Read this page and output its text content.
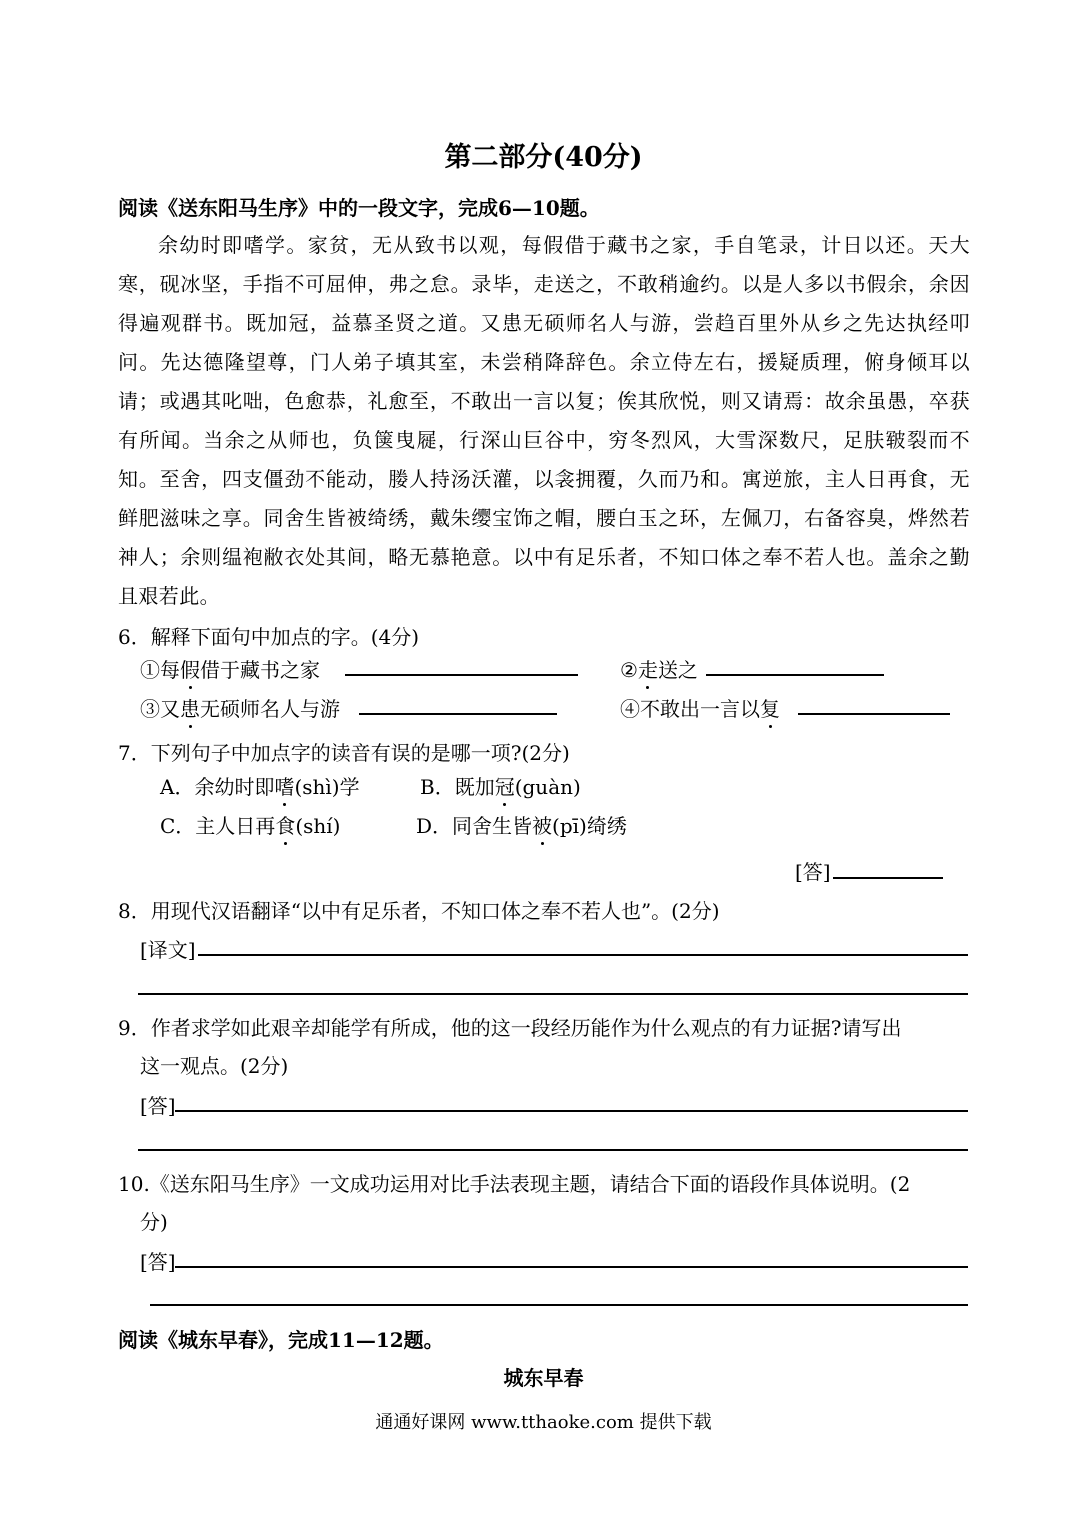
第二部分(40分)
阅读《送东阳马生序》中的一段文字，完成6—10题。

余幼时即嗜学。家贫，无从致书以观，每假借于藏书之家，手自笔录，计日以还。天大寒，砚冰坚，手指不可屈伸，弗之怠。录毕，走送之，不敢稍逾约。以是人多以书假余，余因得遍观群书。既加冠，益慕圣贤之道。又患无硕师名人与游，尝趋百里外从乡之先达执经叩问。先达德隆望尊，门人弟子填其室，未尝稍降辞色。余立侍左右，援疑质理，俯身倾耳以请；或遇其叱咄，色愈恭，礼愈至，不敢出一言以复；俟其欣悦，则又请焉：故余虽愚，卒获有所闻。当余之从师也，负箧曳屣，行深山巨谷中，穷冬烈风，大雪深数尺，足肤皲裂而不知。至舍，四支僵劲不能动，媵人持汤沃灌，以衾拥覆，久而乃和。寓逆旅，主人日再食，无鲜肥滋味之享。同舍生皆被绮绣，戴朱缨宝饰之帽，腰白玉之环，左佩刀，右备容臭，烨然若神人；余则缊袍敝衣处其间，略无慕艳意。以中有足乐者，不知口体之奉不若人也。盖余之勤且艰若此。

6．解释下面句中加点的字。(4分)
①每假借于藏书之家	②走送之
③又患无硕师名人与游	④不敢出一言以复
7．下列句子中加点字的读音有误的是哪一项?(2分)
A．余幼时即嗜(shì)学	B．既加冠(guàn)
C．主人日再食(shí)	D．同舍生皆被(pī)绮绣
[答]
8．用现代汉语翻译“以中有足乐者，不知口体之奉不若人也”。(2分)
[译文]
9．作者求学如此艰辛却能学有所成，他的这一段经历能作为什么观点的有力证据?请写出
这一观点。(2分)
[答]
10.《送东阳马生序》一文成功运用对比手法表现主题，请结合下面的语段作具体说明。(2
分)
[答]
阅读《城东早春》，完成11—12题。
城东早春
通通好课网 www.tthaoke.com 提供下载
